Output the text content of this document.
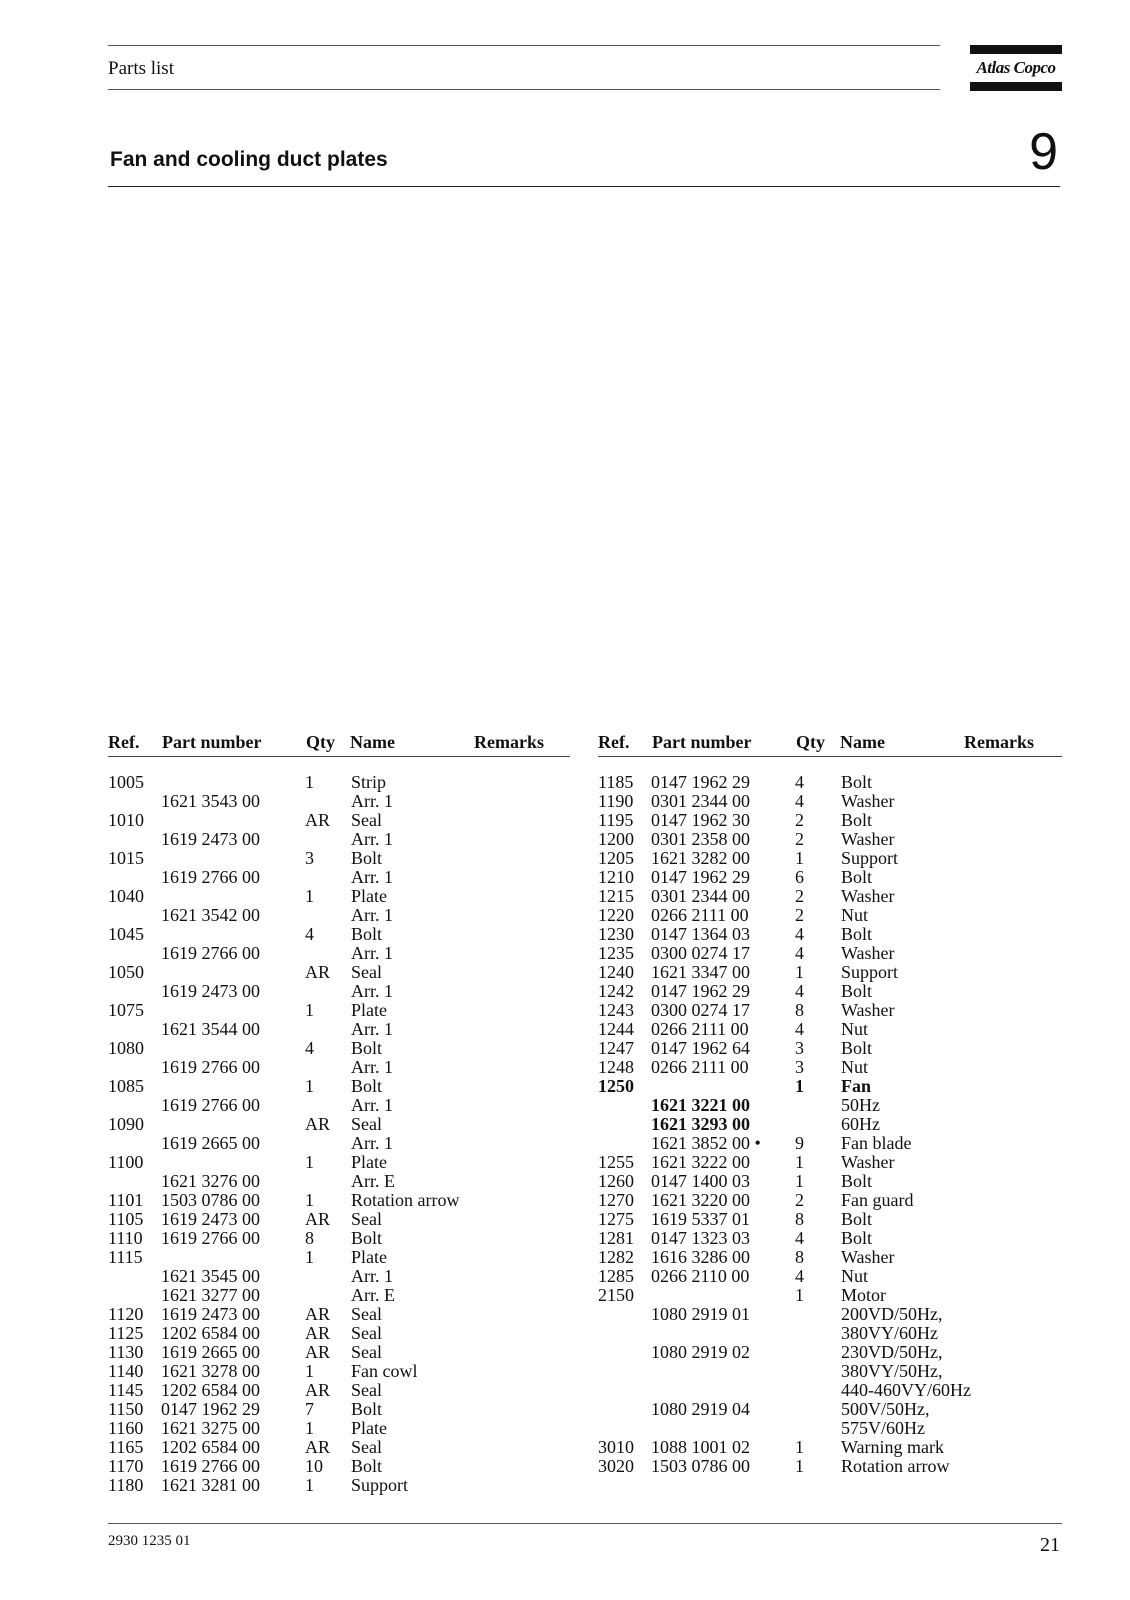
Parts list	Atlas Copco
Fan and cooling duct plates	9
Ref. Part number Qty Name	Remarks
1005	1 Strip
1621 3543 00	Arr. 1
1010	AR Seal
1619 2473 00	Arr. 1
1015	3 Bolt
1619 2766 00	Arr. 1
1040	1 Plate
1621 3542 00	Arr. 1
1045	4 Bolt
1619 2766 00	Arr. 1
1050	AR Seal
1619 2473 00	Arr. 1
1075	1 Plate
1621 3544 00	Arr. 1
1080	4 Bolt
1619 2766 00	Arr. 1
1085	1 Bolt
1619 2766 00	Arr. 1
1090	AR Seal
1619 2665 00	Arr. 1
1100	1 Plate
1621 3276 00	Arr. E
1101 1503 0786 00	1 Rotation arrow
1105 1619 2473 00	AR Seal
1110 1619 2766 00	8 Bolt
1115	1 Plate
1621 3545 00	Arr. 1
1621 3277 00	Arr. E
1120 1619 2473 00	AR Seal
1125 1202 6584 00	AR Seal
1130 1619 2665 00	AR Seal
1140 1621 3278 00	1 Fan cowl
1145 1202 6584 00	AR Seal
1150 0147 1962 29	7 Bolt
1160 1621 3275 00	1 Plate
1165 1202 6584 00	AR Seal
1170 1619 2766 00	10 Bolt
1180 1621 3281 00	1 Support
Ref. Part number Qty Name	Remarks
1185 0147 1962 29	4 Bolt
1190 0301 2344 00	4 Washer
1195 0147 1962 30	2 Bolt
1200 0301 2358 00	2 Washer
1205 1621 3282 00	1 Support
1210 0147 1962 29	6 Bolt
1215 0301 2344 00	2 Washer
1220 0266 2111 00	2 Nut
1230 0147 1364 03	4 Bolt
1235 0300 0274 17	4 Washer
1240 1621 3347 00	1 Support
1242 0147 1962 29	4 Bolt
1243 0300 0274 17	8 Washer
1244 0266 2111 00	4 Nut
1247 0147 1962 64	3 Bolt
1248 0266 2111 00	3 Nut
1250	1 Fan
1621 3221 00	50Hz
1621 3293 00	60Hz
1621 3852 00 • 9 Fan blade
1255 1621 3222 00	1 Washer
1260 0147 1400 03	1 Bolt
1270 1621 3220 00	2 Fan guard
1275 1619 5337 01	8 Bolt
1281 0147 1323 03	4 Bolt
1282 1616 3286 00	8 Washer
1285 0266 2110 00	4 Nut
2150	1 Motor
1080 2919 01	200VD/50Hz,
380VY/60Hz
1080 2919 02	230VD/50Hz,
380VY/50Hz,
440-460VY/60Hz
1080 2919 04	500V/50Hz,
575V/60Hz
3010 1088 1001 02	1 Warning mark
3020 1503 0786 00	1 Rotation arrow
2930 1235 01	21
